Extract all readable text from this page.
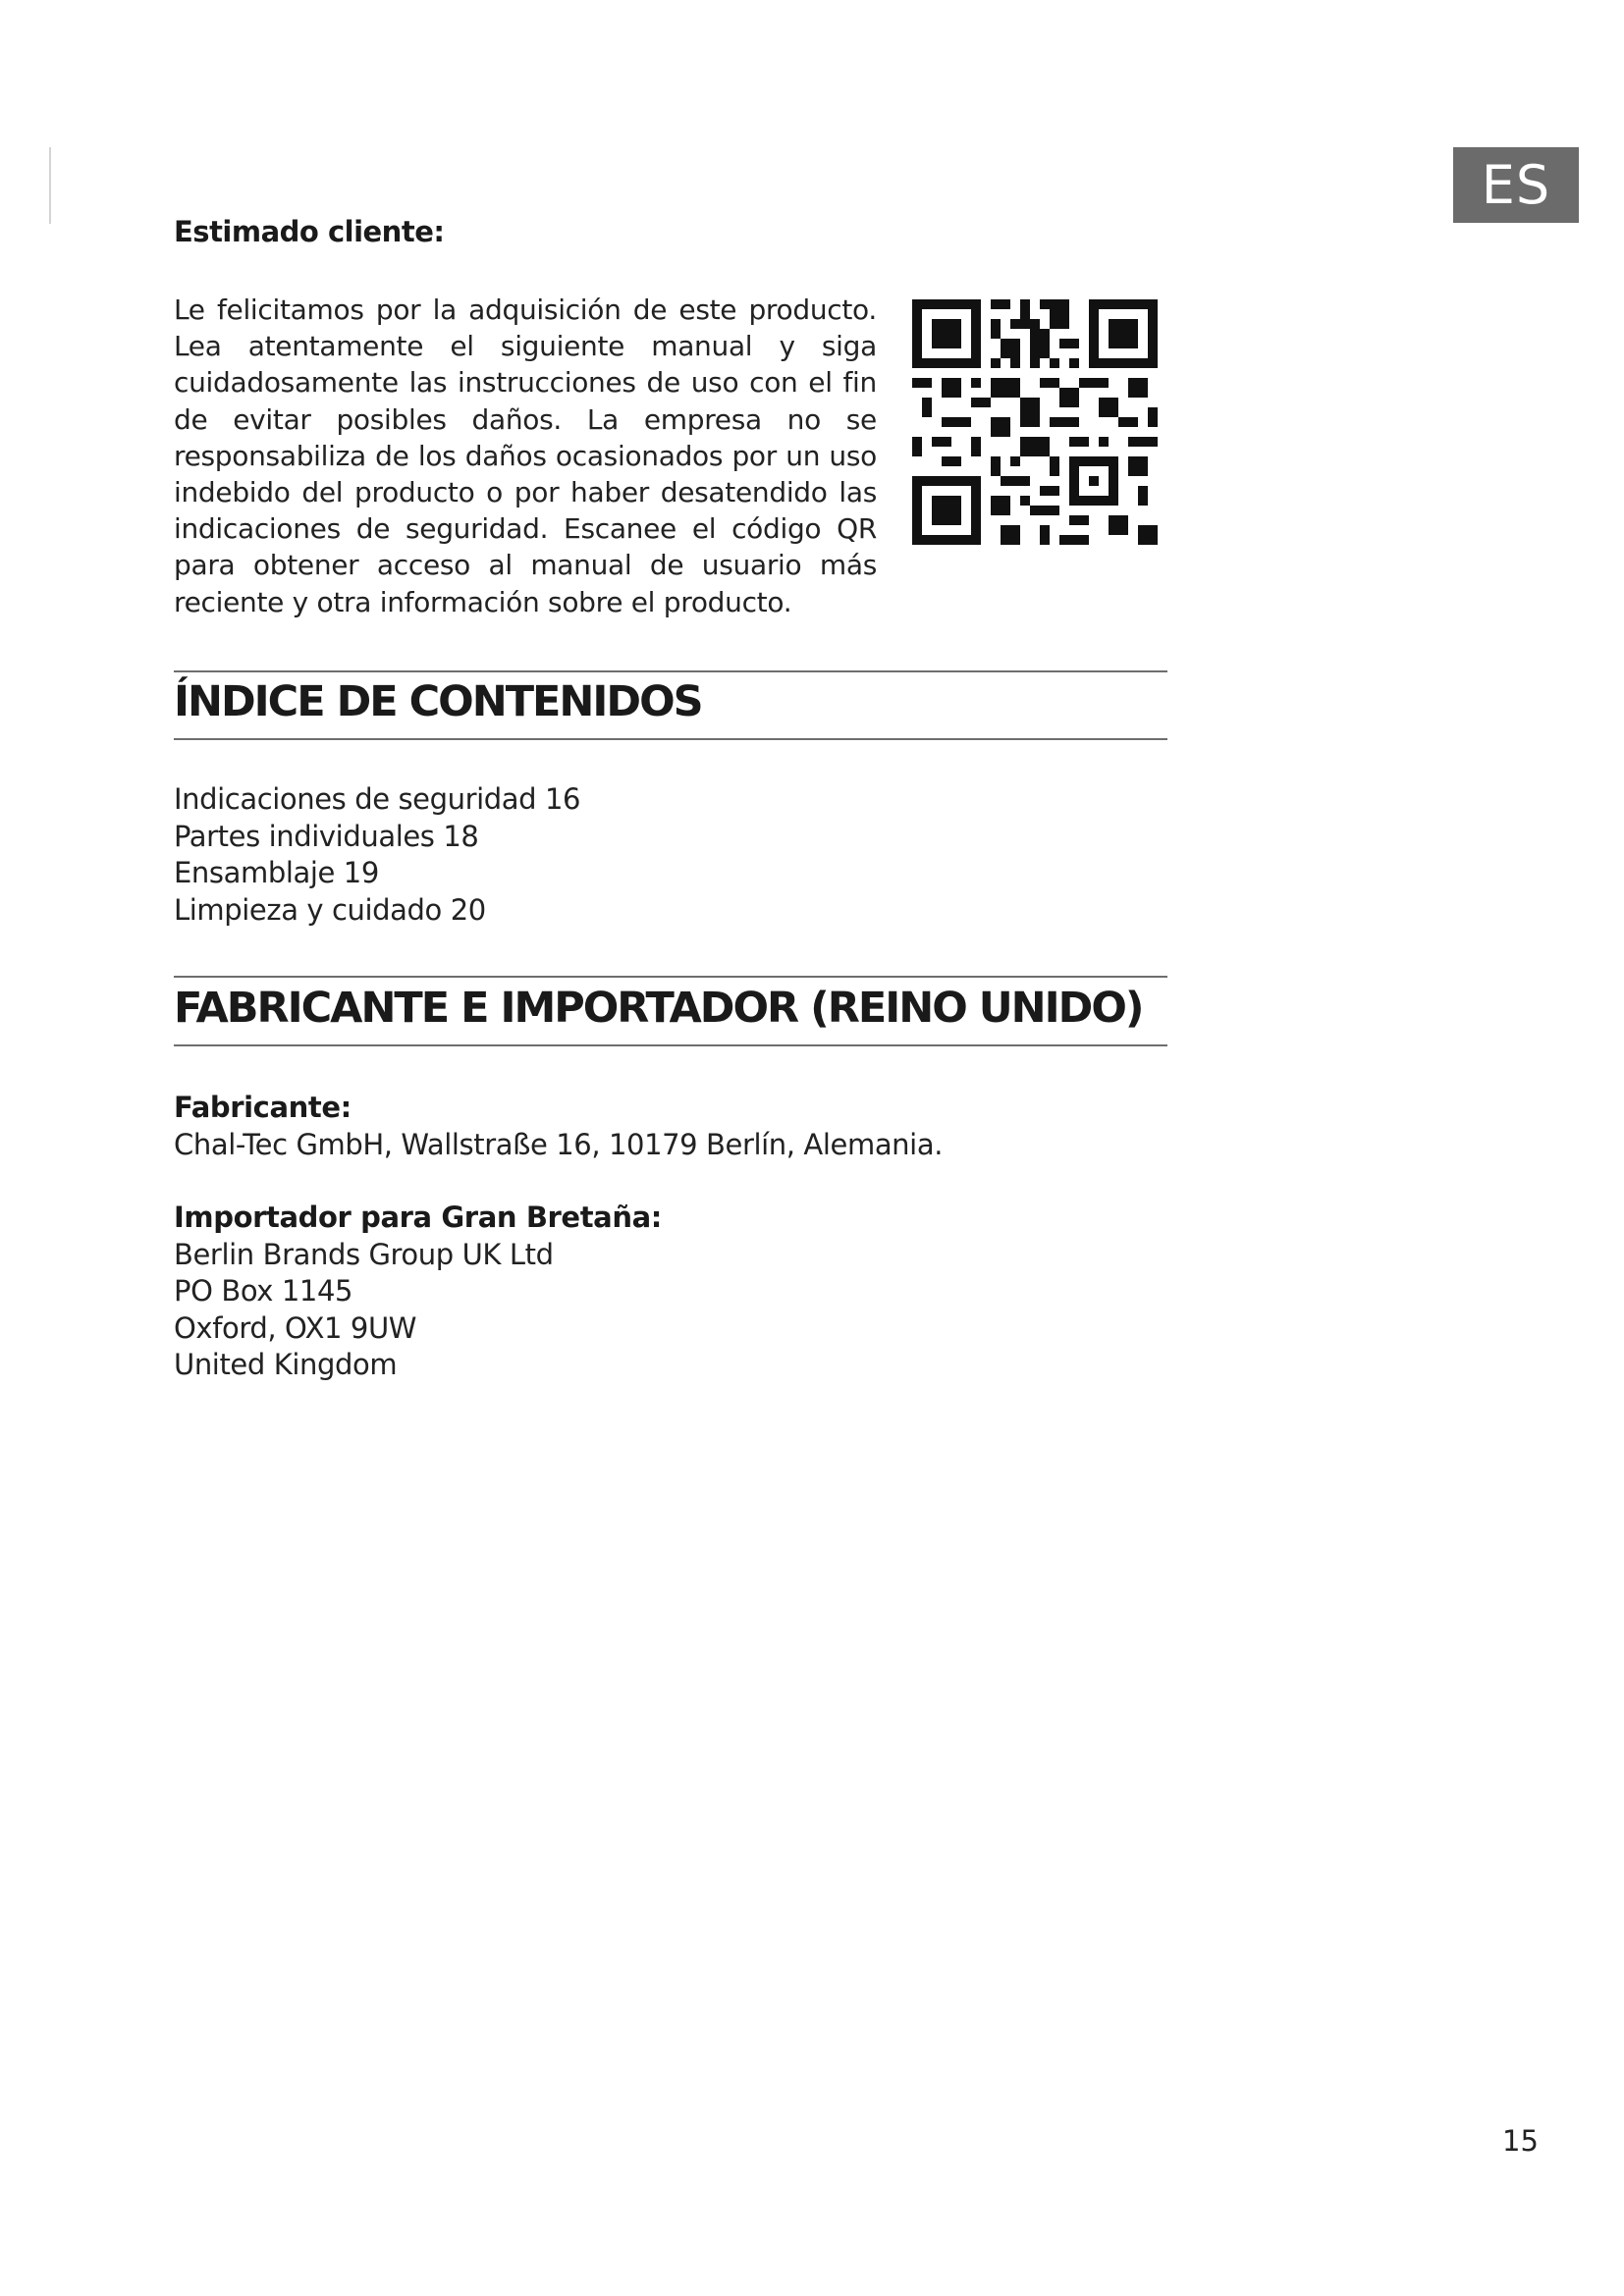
ES
Estimado cliente:
Le felicitamos por la adquisición de este producto. Lea atentamente el siguiente manual y siga cuidadosamente las instrucciones de uso con el fin de evitar posibles daños. La empresa no se responsabiliza de los daños ocasionados por un uso indebido del producto o por haber desatendido las indicaciones de seguridad. Escanee el código QR para obtener acceso al manual de usuario más reciente y otra información sobre el producto.
ÍNDICE DE CONTENIDOS
Indicaciones de seguridad 16
Partes individuales 18
Ensamblaje 19
Limpieza y cuidado 20
FABRICANTE E IMPORTADOR (REINO UNIDO)
Fabricante:
Chal-Tec GmbH, Wallstraße 16, 10179 Berlín, Alemania.
Importador para Gran Bretaña:
Berlin Brands Group UK Ltd
PO Box 1145
Oxford, OX1 9UW
United Kingdom
15
